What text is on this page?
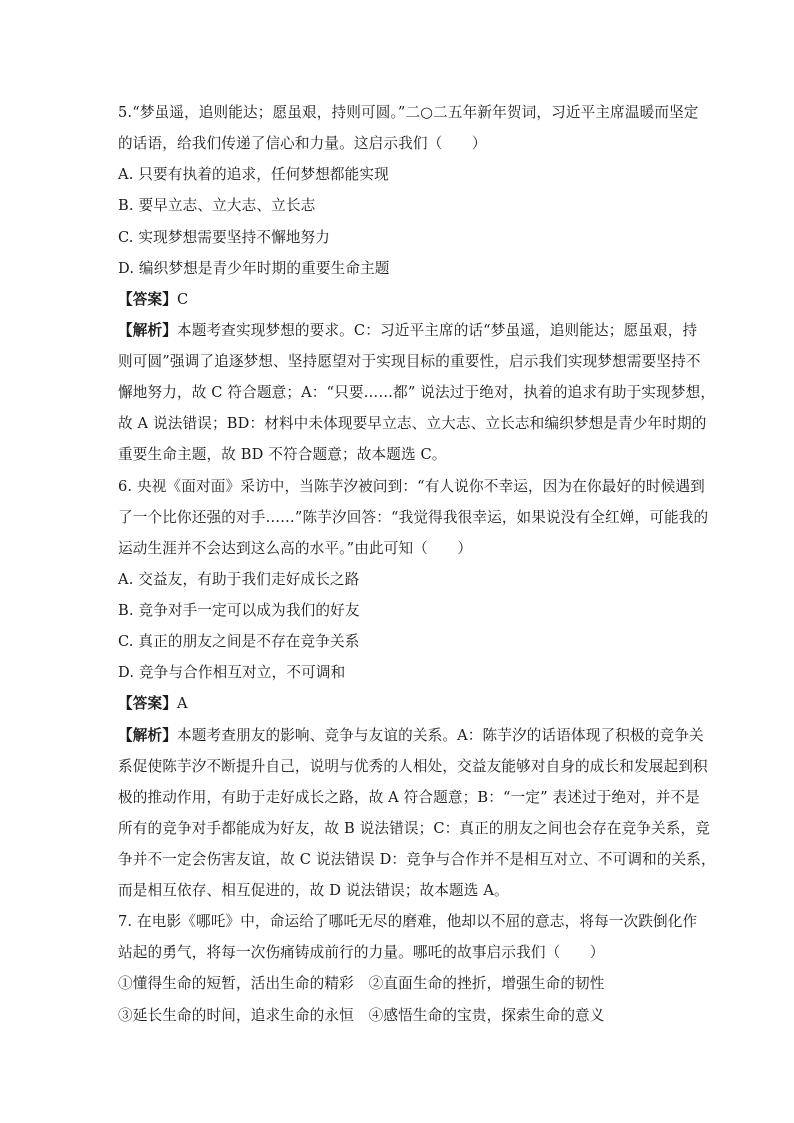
5.“梦虽遥，追则能达；愿虽艰，持则可圆。”二○二五年新年贺词，习近平主席温暖而坚定
的话语，给我们传递了信心和力量。这启示我们（　　）
A. 只要有执着的追求，任何梦想都能实现
B. 要早立志、立大志、立长志
C. 实现梦想需要坚持不懈地努力
D. 编织梦想是青少年时期的重要生命主题
【答案】C
【解析】本题考查实现梦想的要求。C：习近平主席的话“梦虽遥，追则能达；愿虽艰，持
则可圆”强调了追逐梦想、坚持愿望对于实现目标的重要性，启示我们实现梦想需要坚持不
懈地努力，故 C 符合题意；A：“只要……都” 说法过于绝对，执着的追求有助于实现梦想，
故 A 说法错误；BD：材料中未体现要早立志、立大志、立长志和编织梦想是青少年时期的
重要生命主题，故 BD 不符合题意；故本题选 C。
6. 央视《面对面》采访中，当陈芋汐被问到：“有人说你不幸运，因为在你最好的时候遇到
了一个比你还强的对手……”陈芋汐回答：“我觉得我很幸运，如果说没有全红婵，可能我的
运动生涯并不会达到这么高的水平。”由此可知（　　）
A. 交益友，有助于我们走好成长之路
B. 竞争对手一定可以成为我们的好友
C. 真正的朋友之间是不存在竞争关系
D. 竞争与合作相互对立，不可调和
【答案】A
【解析】本题考查朋友的影响、竞争与友谊的关系。A：陈芋汐的话语体现了积极的竞争关
系促使陈芋汐不断提升自己，说明与优秀的人相处，交益友能够对自身的成长和发展起到积
极的推动作用，有助于走好成长之路，故 A 符合题意；B：“一定” 表述过于绝对，并不是
所有的竞争对手都能成为好友，故 B 说法错误；C：真正的朋友之间也会存在竞争关系，竞
争并不一定会伤害友谊，故 C 说法错误 D：竞争与合作并不是相互对立、不可调和的关系，
而是相互依存、相互促进的，故 D 说法错误；故本题选 A。
7. 在电影《哪吒》中，命运给了哪吒无尽的磨难，他却以不屈的意志，将每一次跌倒化作
站起的勇气，将每一次伤痛铸成前行的力量。哪吒的故事启示我们（　　）
①懂得生命的短暂，活出生命的精彩　②直面生命的挫折，增强生命的韧性
③延长生命的时间，追求生命的永恒　④感悟生命的宝贵，探索生命的意义
